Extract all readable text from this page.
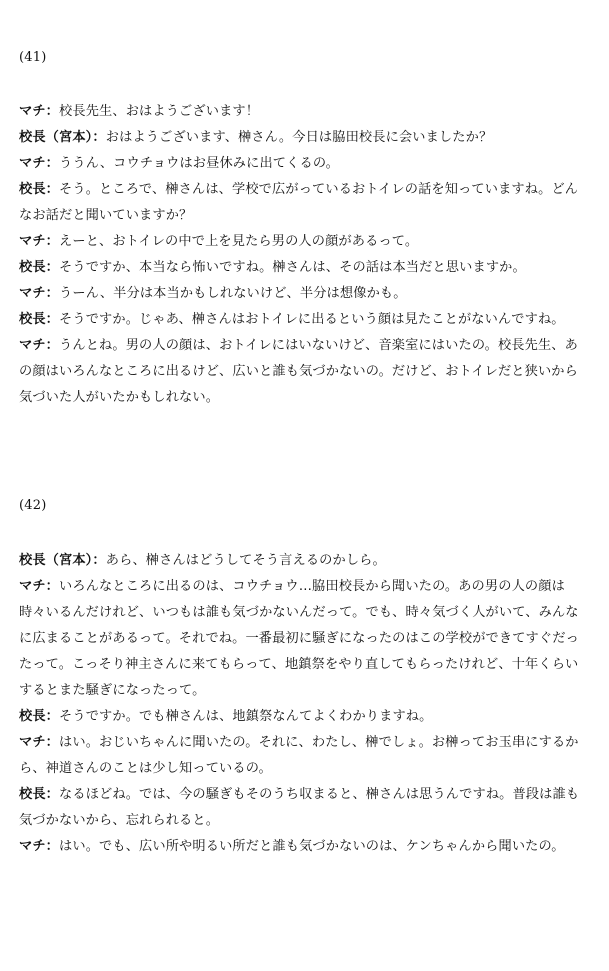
(41)
マチ：校長先生、おはようございます！
校長（宮本）：おはようございます、榊さん。今日は脇田校長に会いましたか？
マチ：ううん、コウチョウはお昼休みに出てくるの。
校長：そう。ところで、榊さんは、学校で広がっているおトイレの話を知っていますね。どんなお話だと聞いていますか？
マチ：えーと、おトイレの中で上を見たら男の人の顔があるって。
校長：そうですか、本当なら怖いですね。榊さんは、その話は本当だと思いますか。
マチ：うーん、半分は本当かもしれないけど、半分は想像かも。
校長：そうですか。じゃあ、榊さんはおトイレに出るという顔は見たことがないんですね。
マチ：うんとね。男の人の顔は、おトイレにはいないけど、音楽室にはいたの。校長先生、あの顔はいろんなところに出るけど、広いと誰も気づかないの。だけど、おトイレだと狭いから気づいた人がいたかもしれない。
(42)
校長（宮本）：あら、榊さんはどうしてそう言えるのかしら。
マチ：いろんなところに出るのは、コウチョウ…脇田校長から聞いたの。あの男の人の顔は時々いるんだけれど、いつもは誰も気づかないんだって。でも、時々気づく人がいて、みんなに広まることがあるって。それでね。一番最初に騒ぎになったのはこの学校ができてすぐだったって。こっそり神主さんに来てもらって、地鎮祭をやり直してもらったけれど、十年くらいするとまた騒ぎになったって。
校長：そうですか。でも榊さんは、地鎮祭なんてよくわかりますね。
マチ：はい。おじいちゃんに聞いたの。それに、わたし、榊でしょ。お榊ってお玉串にするから、神道さんのことは少し知っているの。
校長：なるほどね。では、今の騒ぎもそのうち収まると、榊さんは思うんですね。普段は誰も気づかないから、忘れられると。
マチ：はい。でも、広い所や明るい所だと誰も気づかないのは、ケンちゃんから聞いたの。
